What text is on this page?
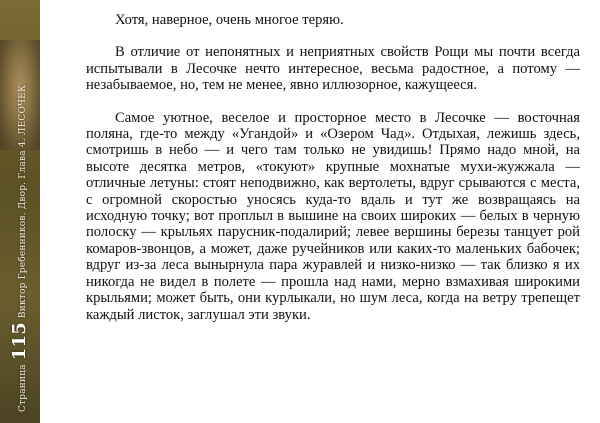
Страница
115
Виктор Гребенников. Двор. Глава 4. ЛЕСОЧЕК

Хотя, наверное, очень многое теряю.

В отличие от непонятных и неприятных свойств Рощи мы почти всегда испытывали в Лесочке нечто интересное, весьма радостное, а потому — незабываемое, но, тем не менее, явно иллюзорное, кажущееся.

Самое уютное, веселое и просторное место в Лесочке — восточная поляна, где-то между «Угандой» и «Озером Чад». Отдыхая, лежишь здесь, смотришь в небо — и чего там только не увидишь! Прямо надо мной, на высоте десятка метров, «токуют» крупные мохнатые мухи-жужжала — отличные летуны: стоят неподвижно, как вертолеты, вдруг срываются с места, с огромной скоростью уносясь куда-то вдаль и тут же возвращаясь на исходную точку; вот проплыл в вышине на своих широких — белых в черную полоску — крыльях парусник-подалирий; левее вершины березы танцует рой комаров-звонцов, а может, даже ручейников или каких-то маленьких бабочек; вдруг из-за леса вынырнула пара журавлей и низко-низко — так близко я их никогда не видел в полете — прошла над нами, мерно взмахивая широкими крыльями; может быть, они курлыкали, но шум леса, когда на ветру трепещет каждый листок, заглушал эти звуки.
